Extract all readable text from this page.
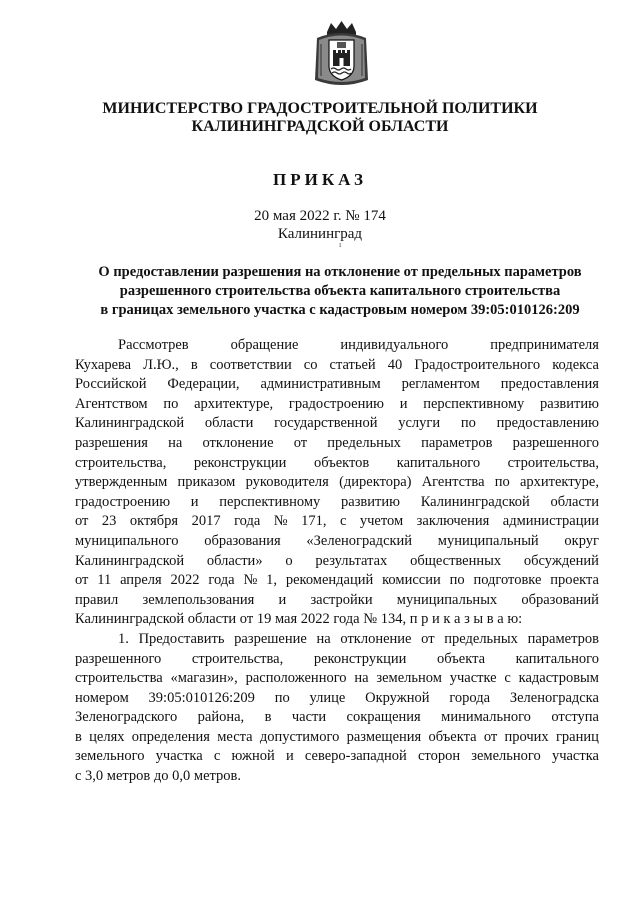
МИНИСТЕРСТВО ГРАДОСТРОИТЕЛЬНОЙ ПОЛИТИКИ
КАЛИНИНГРАДСКОЙ ОБЛАСТИ
ПРИКАЗ
20 мая 2022 г. № 174
Калининград
ı
О предоставлении разрешения на отклонение от предельных параметров
разрешенного строительства объекта капитального строительства
в границах земельного участка с кадастровым номером 39:05:010126:209
Рассмотрев	обращение	индивидуального	предпринимателя
Кухарева Л.Ю., в соответствии со статьей 40 Градостроительного кодекса
Российской Федерации, административным регламентом предоставления
Агентством по архитектуре, градостроению и перспективному развитию
Калининградской области государственной услуги по предоставлению
разрешения на отклонение от предельных параметров разрешенного
строительства, реконструкции объектов капитального строительства,
утвержденным приказом руководителя (директора) Агентства по архитектуре,
градостроению и перспективному развитию Калининградской области
от 23 октября 2017 года № 171, с учетом заключения администрации
муниципального образования «Зеленоградский муниципальный округ
Калининградской области» о результатах общественных обсуждений
от 11 апреля 2022 года № 1, рекомендаций комиссии по подготовке проекта
правил землепользования и застройки муниципальных образований
Калининградской области от 19 мая 2022 года № 134, п р и к а з ы в а ю:
1. Предоставить разрешение на отклонение от предельных параметров
разрешенного строительства, реконструкции объекта капитального
строительства «магазин», расположенного на земельном участке с кадастровым
номером 39:05:010126:209 по улице Окружной города Зеленоградска
Зеленоградского района, в части сокращения минимального отступа
в целях определения места допустимого размещения объекта от прочих границ
земельного участка с южной и северо-западной сторон земельного участка
с 3,0 метров до 0,0 метров.
